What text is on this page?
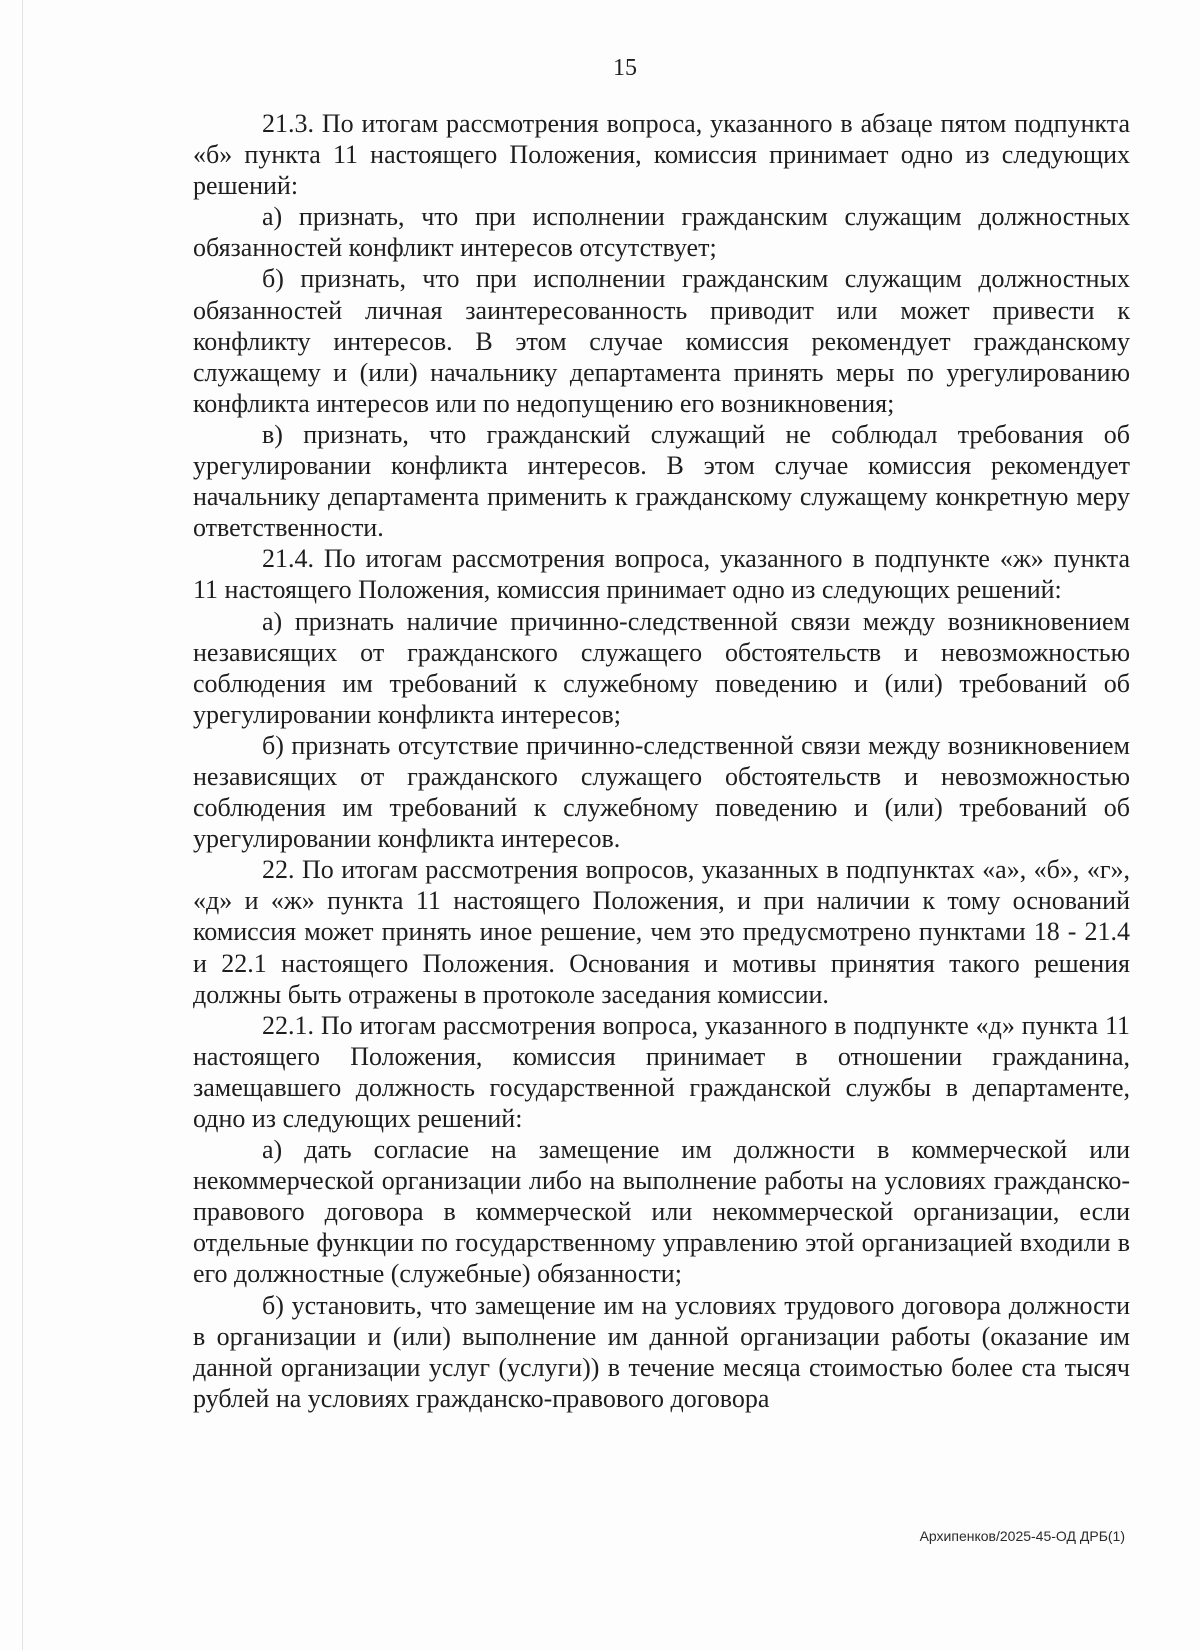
15

21.3. По итогам рассмотрения вопроса, указанного в абзаце пятом подпункта «б» пункта 11 настоящего Положения, комиссия принимает одно из следующих решений:

а) признать, что при исполнении гражданским служащим должностных обязанностей конфликт интересов отсутствует;

б) признать, что при исполнении гражданским служащим должностных обязанностей личная заинтересованность приводит или может привести к конфликту интересов. В этом случае комиссия рекомендует гражданскому служащему и (или) начальнику департамента принять меры по урегулированию конфликта интересов или по недопущению его возникновения;

в) признать, что гражданский служащий не соблюдал требования об урегулировании конфликта интересов. В этом случае комиссия рекомендует начальнику департамента применить к гражданскому служащему конкретную меру ответственности.

21.4. По итогам рассмотрения вопроса, указанного в подпункте «ж» пункта 11 настоящего Положения, комиссия принимает одно из следующих решений:

а) признать наличие причинно-следственной связи между возникновением независящих от гражданского служащего обстоятельств и невозможностью соблюдения им требований к служебному поведению и (или) требований об урегулировании конфликта интересов;

б) признать отсутствие причинно-следственной связи между возникновением независящих от гражданского служащего обстоятельств и невозможностью соблюдения им требований к служебному поведению и (или) требований об урегулировании конфликта интересов.

22. По итогам рассмотрения вопросов, указанных в подпунктах «а», «б», «г», «д» и «ж» пункта 11 настоящего Положения, и при наличии к тому оснований комиссия может принять иное решение, чем это предусмотрено пунктами 18 - 21.4 и 22.1 настоящего Положения. Основания и мотивы принятия такого решения должны быть отражены в протоколе заседания комиссии.

22.1. По итогам рассмотрения вопроса, указанного в подпункте «д» пункта 11 настоящего Положения, комиссия принимает в отношении гражданина, замещавшего должность государственной гражданской службы в департаменте, одно из следующих решений:

а) дать согласие на замещение им должности в коммерческой или некоммерческой организации либо на выполнение работы на условиях гражданско-правового договора в коммерческой или некоммерческой организации, если отдельные функции по государственному управлению этой организацией входили в его должностные (служебные) обязанности;

б) установить, что замещение им на условиях трудового договора должности в организации и (или) выполнение им данной организации работы (оказание им данной организации услуг (услуги)) в течение месяца стоимостью более ста тысяч рублей на условиях гражданско-правового договора

Архипенков/2025-45-ОД ДРБ(1)
